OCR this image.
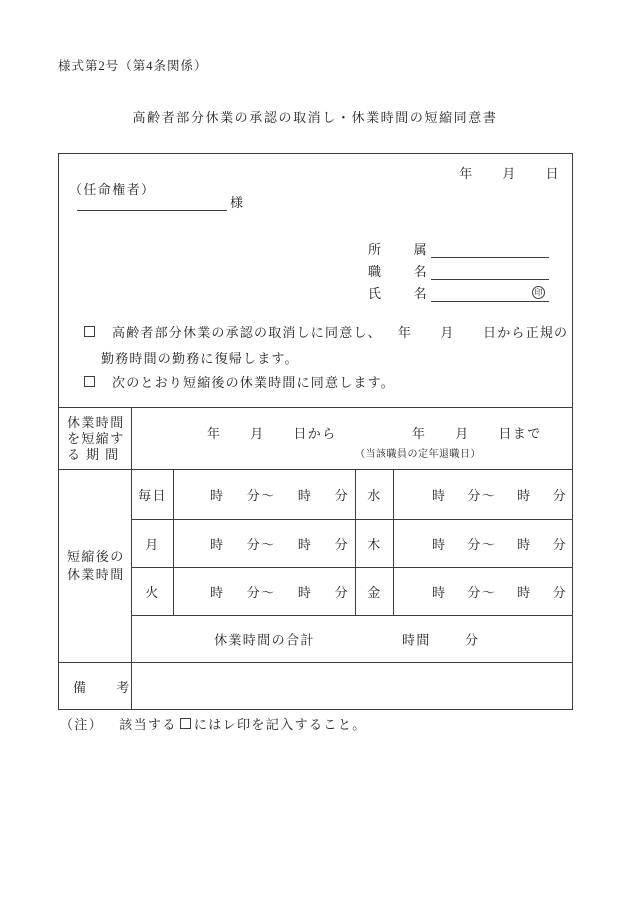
様式第2号（第4条関係）
高齢者部分休業の承認の取消し・休業時間の短縮同意書
年　　月　　日
（任命権者）
様
所 属
職 名
氏 名	印
高齢者部分休業の承認の取消しに同意し、 年　　月　　日から正規の
勤務時間の勤務に復帰します。
次のとおり短縮後の休業時間に同意します。
休業時間
を短縮す
る 期 間
年　　月　　日から	年　　月　　日まで
（当該職員の定年退職日）
短縮後の
休業時間
毎日	時 分～ 時 分	水	時 分～ 時 分
月	時 分～ 時 分	木	時 分～ 時 分
火	時 分～ 時 分	金	時 分～ 時 分
休業時間の合計	時間	分
備　　考
（注） 該当する にはレ印を記入すること。
